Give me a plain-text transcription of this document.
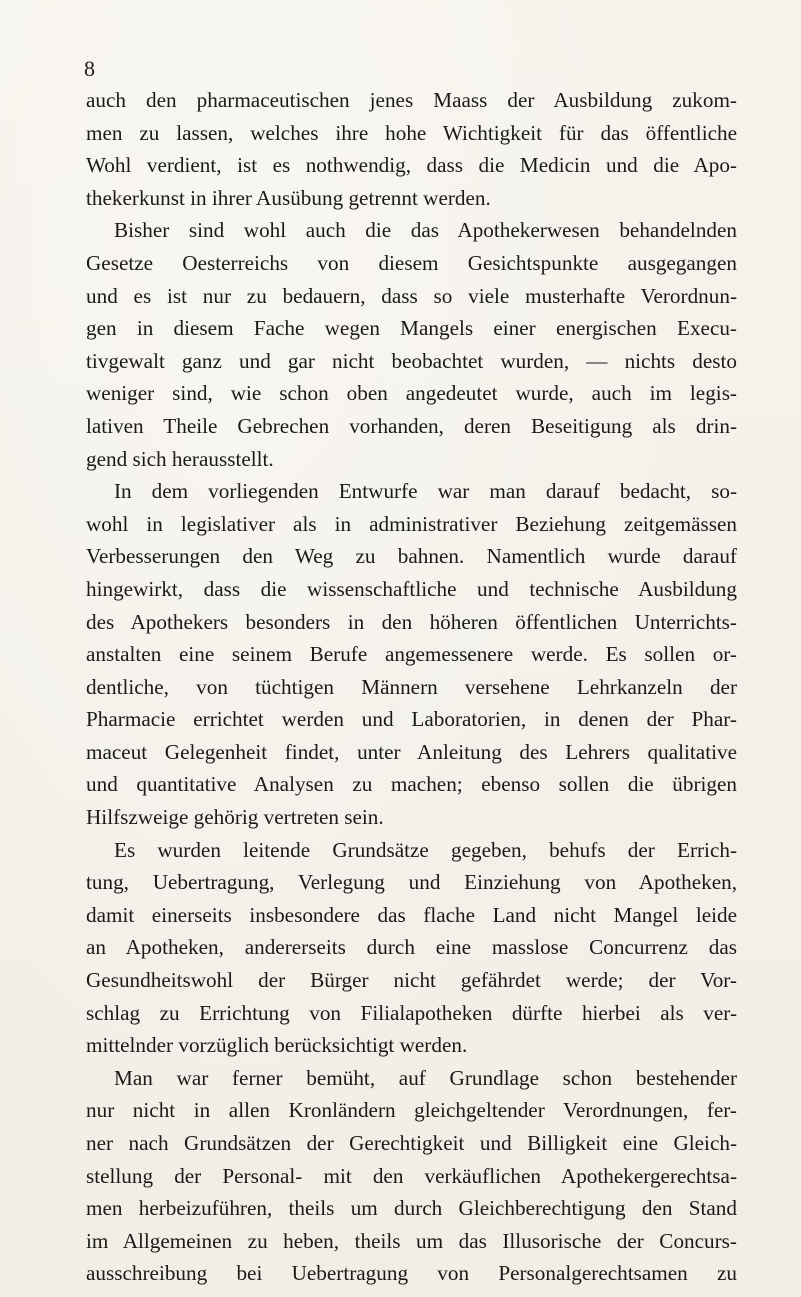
8
auch den pharmaceutischen jenes Maass der Ausbildung zukom-
men zu lassen, welches ihre hohe Wichtigkeit für das öffentliche
Wohl verdient, ist es nothwendig, dass die Medicin und die Apo-
thekerkunst in ihrer Ausübung getrennt werden.
Bisher sind wohl auch die das Apothekerwesen behandelnden
Gesetze Oesterreichs von diesem Gesichtspunkte ausgegangen
und es ist nur zu bedauern, dass so viele musterhafte Verordnun-
gen in diesem Fache wegen Mangels einer energischen Execu-
tivgewalt ganz und gar nicht beobachtet wurden, — nichts desto
weniger sind, wie schon oben angedeutet wurde, auch im legis-
lativen Theile Gebrechen vorhanden, deren Beseitigung als drin-
gend sich herausstellt.
In dem vorliegenden Entwurfe war man darauf bedacht, so-
wohl in legislativer als in administrativer Beziehung zeitgemässen
Verbesserungen den Weg zu bahnen. Namentlich wurde darauf
hingewirkt, dass die wissenschaftliche und technische Ausbildung
des Apothekers besonders in den höheren öffentlichen Unterrichts-
anstalten eine seinem Berufe angemessenere werde. Es sollen or-
dentliche, von tüchtigen Männern versehene Lehrkanzeln der
Pharmacie errichtet werden und Laboratorien, in denen der Phar-
maceut Gelegenheit findet, unter Anleitung des Lehrers qualitative
und quantitative Analysen zu machen; ebenso sollen die übrigen
Hilfszweige gehörig vertreten sein.
Es wurden leitende Grundsätze gegeben, behufs der Errich-
tung, Uebertragung, Verlegung und Einziehung von Apotheken,
damit einerseits insbesondere das flache Land nicht Mangel leide
an Apotheken, andererseits durch eine masslose Concurrenz das
Gesundheitswohl der Bürger nicht gefährdet werde; der Vor-
schlag zu Errichtung von Filialapotheken dürfte hierbei als ver-
mittelnder vorzüglich berücksichtigt werden.
Man war ferner bemüht, auf Grundlage schon bestehender
nur nicht in allen Kronländern gleichgeltender Verordnungen, fer-
ner nach Grundsätzen der Gerechtigkeit und Billigkeit eine Gleich-
stellung der Personal- mit den verkäuflichen Apothekergerechtsa-
men herbeizuführen, theils um durch Gleichberechtigung den Stand
im Allgemeinen zu heben, theils um das Illusorische der Concurs-
ausschreibung bei Uebertragung von Personalgerechtsamen zu
